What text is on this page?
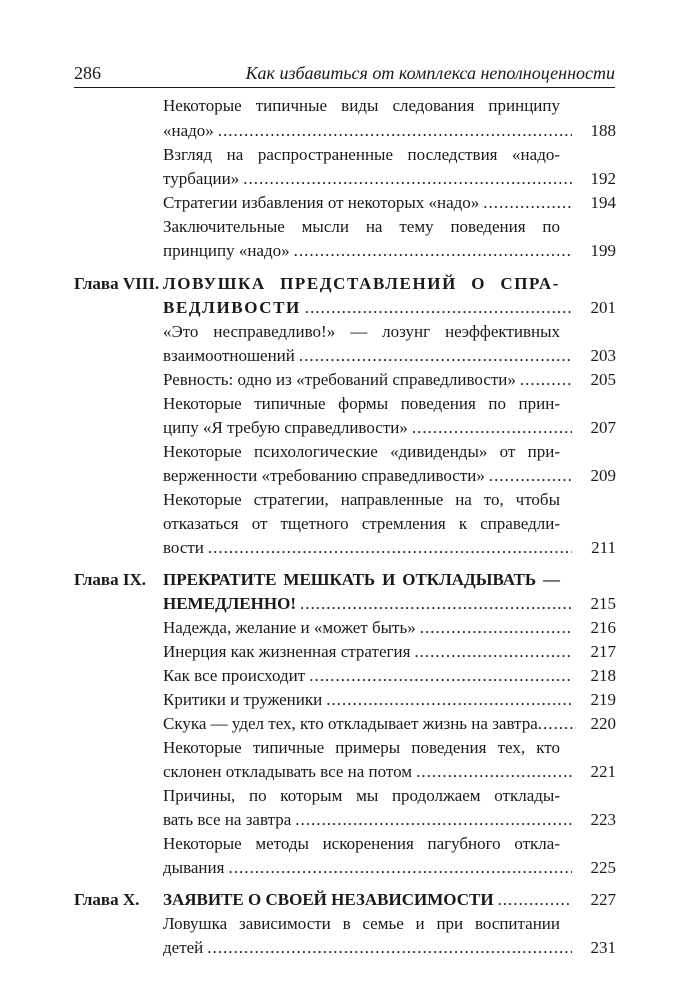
286	Как избавиться от комплекса неполноценности
Некоторые типичные виды следования принципу
«надо» .....	188
Взгляд на распространенные последствия «надо-
турбации» .....	192
Стратегии избавления от некоторых «надо» .....	194
Заключительные мысли на тему поведения по
принципу «надо» .....	199
Глава VIII. ЛОВУШКА ПРЕДСТАВЛЕНИЙ О СПРА-
ВЕДЛИВОСТИ .....	201
«Это несправедливо!» — лозунг неэффективных
взаимоотношений .....	203
Ревность: одно из «требований справедливости» .....	205
Некоторые типичные формы поведения по прин-
ципу «Я требую справедливости» .....	207
Некоторые психологические «дивиденды» от при-
верженности «требованию справедливости» .....	209
Некоторые стратегии, направленные на то, чтобы
отказаться от тщетного стремления к справедли-
вости .....	211
Глава IX. ПРЕКРАТИТЕ МЕШКАТЬ И ОТКЛАДЫВАТЬ —
НЕМЕДЛЕННО! .....	215
Надежда, желание и «может быть» .....	216
Инерция как жизненная стратегия .....	217
Как все происходит .....	218
Критики и труженики .....	219
Скука — удел тех, кто откладывает жизнь на завтра .....	220
Некоторые типичные примеры поведения тех, кто
склонен откладывать все на потом .....	221
Причины, по которым мы продолжаем отклады-
вать все на завтра .....	223
Некоторые методы искоренения пагубного откла-
дывания .....	225
Глава X.	ЗАЯВИТЕ О СВОЕЙ НЕЗАВИСИМОСТИ .....	227
Ловушка зависимости в семье и при воспитании
детей .....	231
